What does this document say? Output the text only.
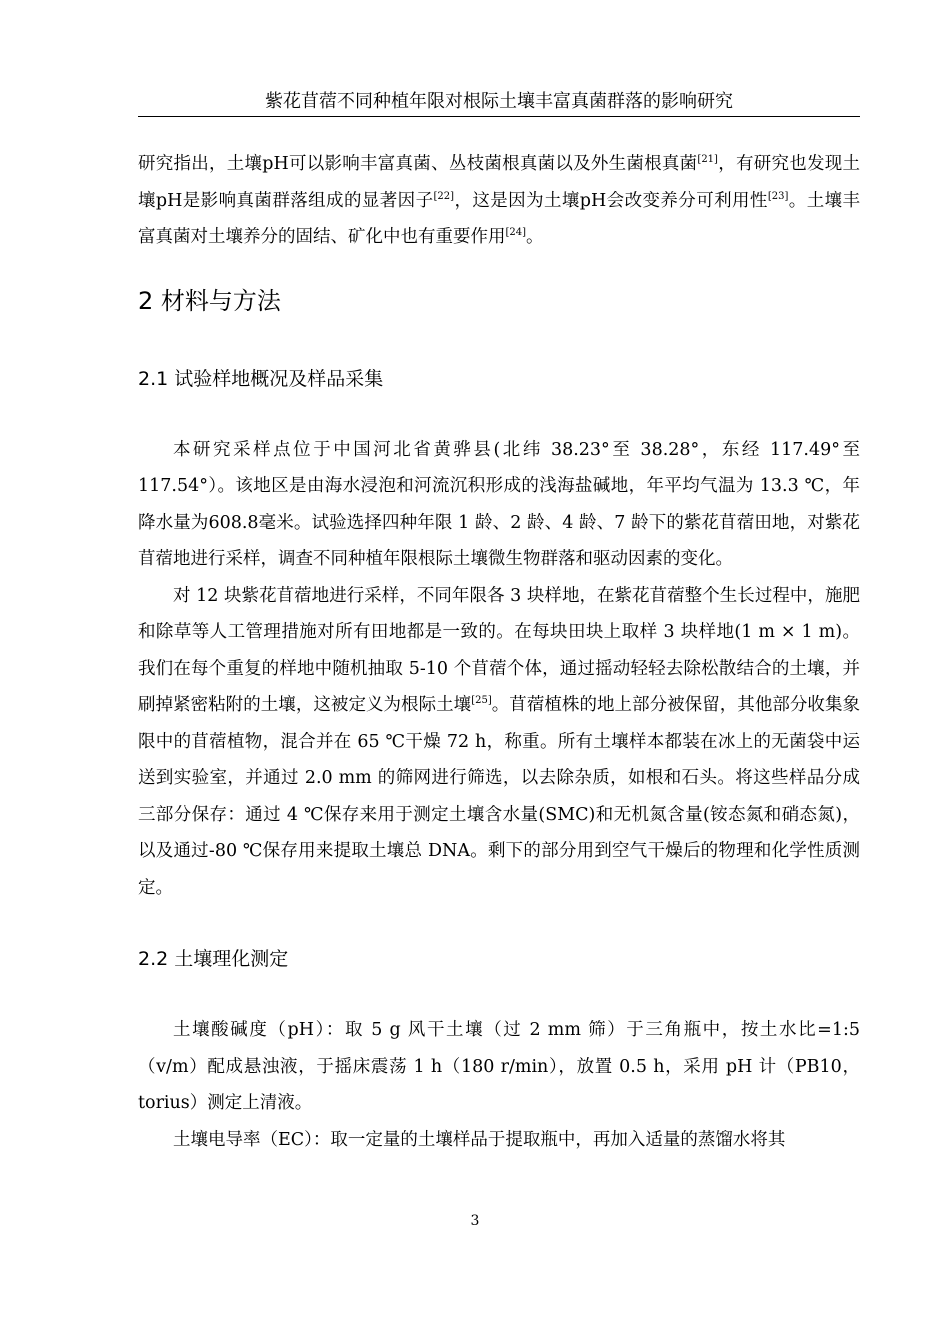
紫花苜蓿不同种植年限对根际土壤丰富真菌群落的影响研究

研究指出，土壤pH可以影响丰富真菌、丛枝菌根真菌以及外生菌根真菌[21]，有研究也发现土壤pH是影响真菌群落组成的显著因子[22]，这是因为土壤pH会改变养分可利用性[23]。土壤丰富真菌对土壤养分的固结、矿化中也有重要作用[24]。

2 材料与方法
2.1 试验样地概况及样品采集

本研究采样点位于中国河北省黄骅县(北纬 38.23°至 38.28°，东经 117.49°至 117.54°）。该地区是由海水浸泡和河流沉积形成的浅海盐碱地，年平均气温为 13.3 ℃，年降水量为608.8毫米。试验选择四种年限 1 龄、2 龄、4 龄、7 龄下的紫花苜蓿田地，对紫花苜蓿地进行采样，调查不同种植年限根际土壤微生物群落和驱动因素的变化。

对 12 块紫花苜蓿地进行采样，不同年限各 3 块样地，在紫花苜蓿整个生长过程中，施肥和除草等人工管理措施对所有田地都是一致的。在每块田块上取样 3 块样地(1 m × 1 m)。我们在每个重复的样地中随机抽取 5-10 个苜蓿个体，通过摇动轻轻去除松散结合的土壤，并刷掉紧密粘附的土壤，这被定义为根际土壤[25]。苜蓿植株的地上部分被保留，其他部分收集象限中的苜蓿植物，混合并在 65 ℃干燥 72 h，称重。所有土壤样本都装在冰上的无菌袋中运送到实验室，并通过 2.0 mm 的筛网进行筛选，以去除杂质，如根和石头。将这些样品分成三部分保存：通过 4 ℃保存来用于测定土壤含水量(SMC)和无机氮含量(铵态氮和硝态氮)，以及通过-80 ℃保存用来提取土壤总 DNA。剩下的部分用到空气干燥后的物理和化学性质测定。

2.2 土壤理化测定

土壤酸碱度（pH）：取 5 g 风干土壤（过 2 mm 筛）于三角瓶中，按土水比=1:5（v/m）配成悬浊液，于摇床震荡 1 h（180 r/min），放置 0.5 h，采用 pH 计（PB10，torius）测定上清液。

土壤电导率（EC）：取一定量的土壤样品于提取瓶中，再加入适量的蒸馏水将其

3
